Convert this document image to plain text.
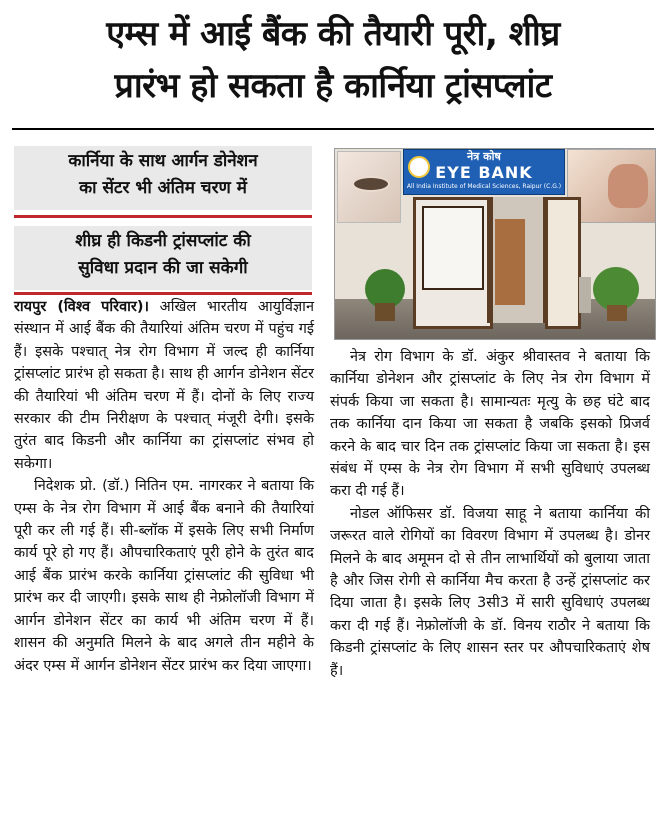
एम्स में आई बैंक की तैयारी पूरी, शीघ्र
प्रारंभ हो सकता है कार्निया ट्रांसप्लांट
कार्निया के साथ आर्गन डोनेशन
का सेंटर भी अंतिम चरण में
शीघ्र ही किडनी ट्रांसप्लांट की
सुविधा प्रदान की जा सकेगी
नेत्र कोष
EYE BANK
All India Institute of Medical Sciences, Raipur (C.G.)

रायपुर (विश्व परिवार)। अखिल भारतीय आयुर्विज्ञान संस्थान में आई बैंक की तैयारियां अंतिम चरण में पहुंच गई हैं। इसके पश्चात् नेत्र रोग विभाग में जल्द ही कार्निया ट्रांसप्लांट प्रारंभ हो सकता है। साथ ही आर्गन डोनेशन सेंटर की तैयारियां भी अंतिम चरण में हैं। दोनों के लिए राज्य सरकार की टीम निरीक्षण के पश्चात् मंजूरी देगी। इसके तुरंत बाद किडनी और कार्निया का ट्रांसप्लांट संभव हो सकेगा।

निदेशक प्रो. (डॉ.) नितिन एम. नागरकर ने बताया कि एम्स के नेत्र रोग विभाग में आई बैंक बनाने की तैयारियां पूरी कर ली गई हैं। सी-ब्लॉक में इसके लिए सभी निर्माण कार्य पूरे हो गए हैं। औपचारिकताएं पूरी होने के तुरंत बाद आई बैंक प्रारंभ करके कार्निया ट्रांसप्लांट की सुविधा भी प्रारंभ कर दी जाएगी। इसके साथ ही नेफ्रोलॉजी विभाग में आर्गन डोनेशन सेंटर का कार्य भी अंतिम चरण में हैं। शासन की अनुमति मिलने के बाद अगले तीन महीने के अंदर एम्स में आर्गन डोनेशन सेंटर प्रारंभ कर दिया जाएगा।

नेत्र रोग विभाग के डॉ. अंकुर श्रीवास्तव ने बताया कि कार्निया डोनेशन और ट्रांसप्लांट के लिए नेत्र रोग विभाग में संपर्क किया जा सकता है। सामान्यतः मृत्यु के छह घंटे बाद तक कार्निया दान किया जा सकता है जबकि इसको प्रिजर्व करने के बाद चार दिन तक ट्रांसप्लांट किया जा सकता है। इस संबंध में एम्स के नेत्र रोग विभाग में सभी सुविधाएं उपलब्ध करा दी गई हैं।

नोडल ऑफिसर डॉ. विजया साहू ने बताया कार्निया की जरूरत वाले रोगियों का विवरण विभाग में उपलब्ध है। डोनर मिलने के बाद अमूमन दो से तीन लाभार्थियों को बुलाया जाता है और जिस रोगी से कार्निया मैच करता है उन्हें ट्रांसप्लांट कर दिया जाता है। इसके लिए 3सी3 में सारी सुविधाएं उपलब्ध करा दी गई हैं। नेफ्रोलॉजी के डॉ. विनय राठौर ने बताया कि किडनी ट्रांसप्लांट के लिए शासन स्तर पर औपचारिकताएं शेष हैं।
